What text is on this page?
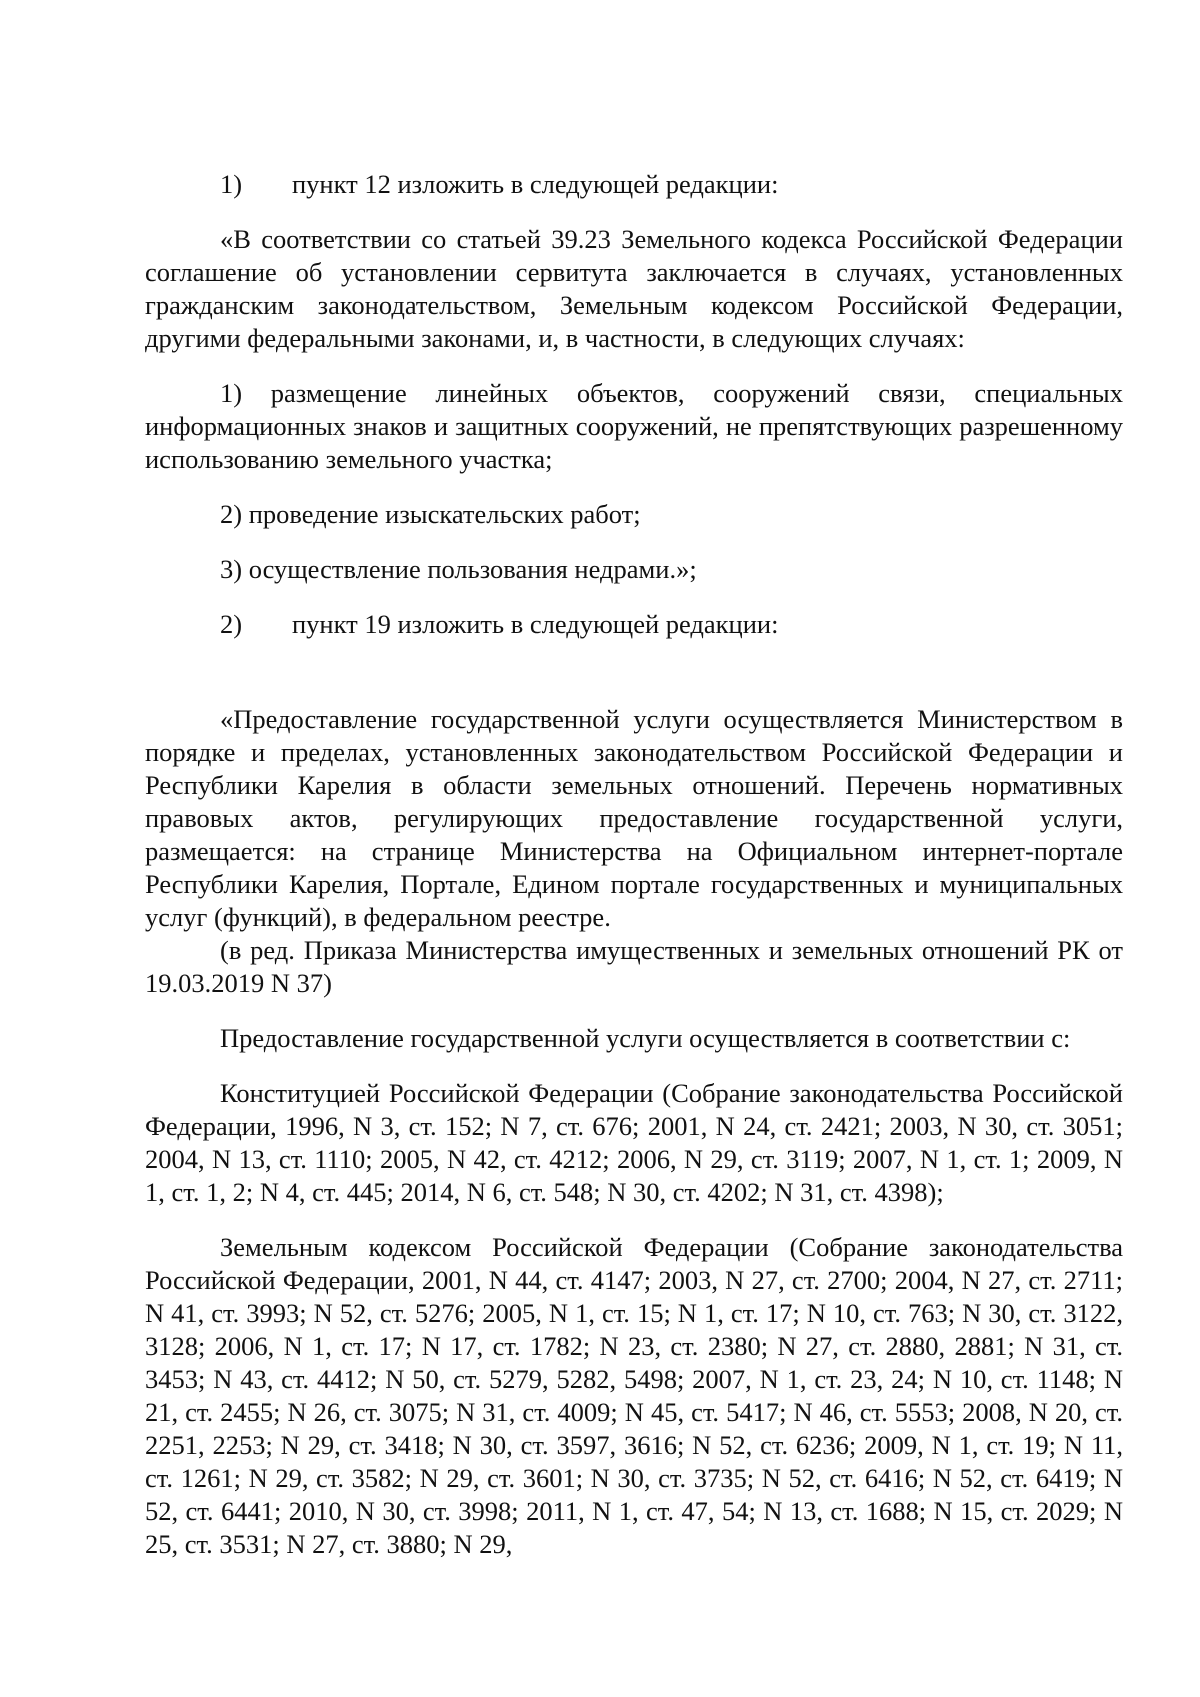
1)	пункт 12 изложить в следующей редакции:

«В соответствии со статьей 39.23 Земельного кодекса Российской Федерации соглашение об установлении сервитута заключается в случаях, установленных гражданским законодательством, Земельным кодексом Российской Федерации, другими федеральными законами, и, в частности, в следующих случаях:

1) размещение линейных объектов, сооружений связи, специальных информационных знаков и защитных сооружений, не препятствующих разрешенному использованию земельного участка;

2) проведение изыскательских работ;

3) осуществление пользования недрами.»;

2)	пункт 19 изложить в следующей редакции:

«Предоставление государственной услуги осуществляется Министерством в порядке и пределах, установленных законодательством Российской Федерации и Республики Карелия в области земельных отношений. Перечень нормативных правовых актов, регулирующих предоставление государственной услуги, размещается: на странице Министерства на Официальном интернет-портале Республики Карелия, Портале, Едином портале государственных и муниципальных услуг (функций), в федеральном реестре.

(в ред. Приказа Министерства имущественных и земельных отношений РК от 19.03.2019 N 37)

Предоставление государственной услуги осуществляется в соответствии с:

Конституцией Российской Федерации (Собрание законодательства Российской Федерации, 1996, N 3, ст. 152; N 7, ст. 676; 2001, N 24, ст. 2421; 2003, N 30, ст. 3051; 2004, N 13, ст. 1110; 2005, N 42, ст. 4212; 2006, N 29, ст. 3119; 2007, N 1, ст. 1; 2009, N 1, ст. 1, 2; N 4, ст. 445; 2014, N 6, ст. 548; N 30, ст. 4202; N 31, ст. 4398);

Земельным кодексом Российской Федерации (Собрание законодательства Российской Федерации, 2001, N 44, ст. 4147; 2003, N 27, ст. 2700; 2004, N 27, ст. 2711; N 41, ст. 3993; N 52, ст. 5276; 2005, N 1, ст. 15; N 1, ст. 17; N 10, ст. 763; N 30, ст. 3122, 3128; 2006, N 1, ст. 17; N 17, ст. 1782; N 23, ст. 2380; N 27, ст. 2880, 2881; N 31, ст. 3453; N 43, ст. 4412; N 50, ст. 5279, 5282, 5498; 2007, N 1, ст. 23, 24; N 10, ст. 1148; N 21, ст. 2455; N 26, ст. 3075; N 31, ст. 4009; N 45, ст. 5417; N 46, ст. 5553; 2008, N 20, ст. 2251, 2253; N 29, ст. 3418; N 30, ст. 3597, 3616; N 52, ст. 6236; 2009, N 1, ст. 19; N 11, ст. 1261; N 29, ст. 3582; N 29, ст. 3601; N 30, ст. 3735; N 52, ст. 6416; N 52, ст. 6419; N 52, ст. 6441; 2010, N 30, ст. 3998; 2011, N 1, ст. 47, 54; N 13, ст. 1688; N 15, ст. 2029; N 25, ст. 3531; N 27, ст. 3880; N 29,
